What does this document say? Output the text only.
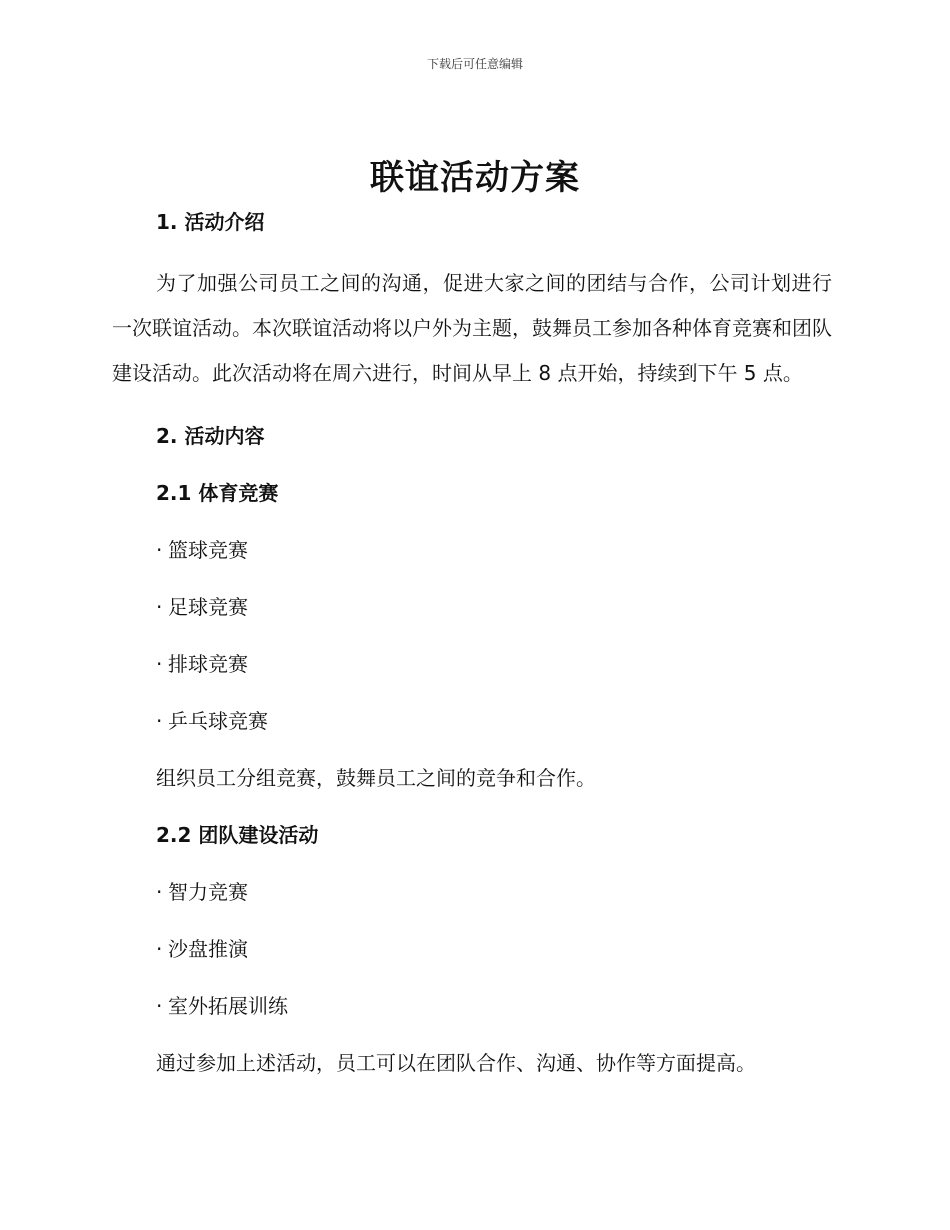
下载后可任意编辑
联谊活动方案

1. 活动介绍

为了加强公司员工之间的沟通，促进大家之间的团结与合作，公司计划进行一次联谊活动。本次联谊活动将以户外为主题，鼓舞员工参加各种体育竞赛和团队建设活动。此次活动将在周六进行，时间从早上 8 点开始，持续到下午 5 点。

2. 活动内容

2.1 体育竞赛

· 篮球竞赛

· 足球竞赛

· 排球竞赛

· 乒乓球竞赛

组织员工分组竞赛，鼓舞员工之间的竞争和合作。

2.2 团队建设活动

· 智力竞赛

· 沙盘推演

· 室外拓展训练

通过参加上述活动，员工可以在团队合作、沟通、协作等方面提高。
